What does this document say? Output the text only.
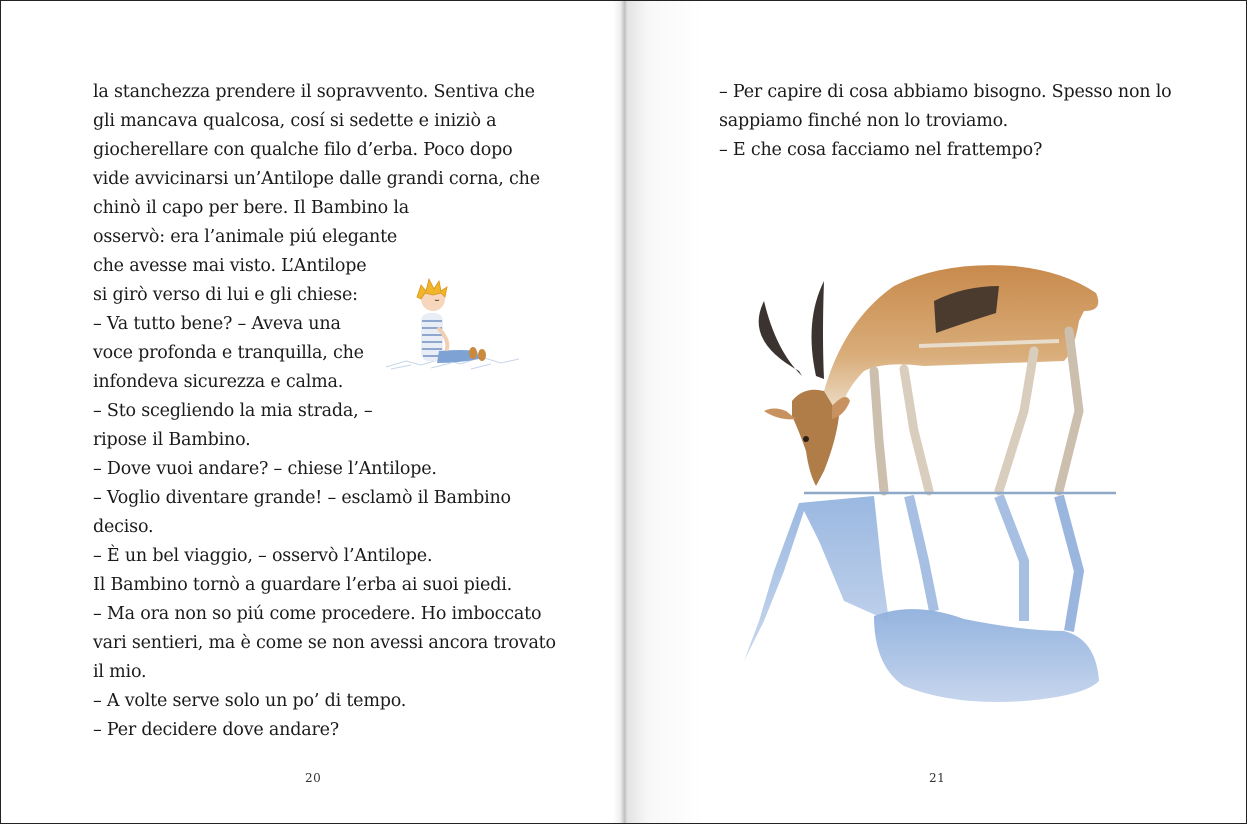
la stanchezza prendere il sopravvento. Sentiva che
gli mancava qualcosa, cosí si sedette e iniziò a
giocherellare con qualche filo d’erba. Poco dopo
vide avvicinarsi un’Antilope dalle grandi corna, che
chinò il capo per bere. Il Bambino la
osservò: era l’animale piú elegante
che avesse mai visto. L’Antilope
si girò verso di lui e gli chiese:
– Va tutto bene? – Aveva una
voce profonda e tranquilla, che
infondeva sicurezza e calma.
– Sto scegliendo la mia strada, –
ripose il Bambino.
– Dove vuoi andare? – chiese l’Antilope.
– Voglio diventare grande! – esclamò il Bambino
deciso.
– È un bel viaggio, – osservò l’Antilope.
Il Bambino tornò a guardare l’erba ai suoi piedi.
– Ma ora non so piú come procedere. Ho imboccato
vari sentieri, ma è come se non avessi ancora trovato
il mio.
– A volte serve solo un po’ di tempo.
– Per decidere dove andare?
20
– Per capire di cosa abbiamo bisogno. Spesso non lo
sappiamo finché non lo troviamo.
– E che cosa facciamo nel frattempo?
21
